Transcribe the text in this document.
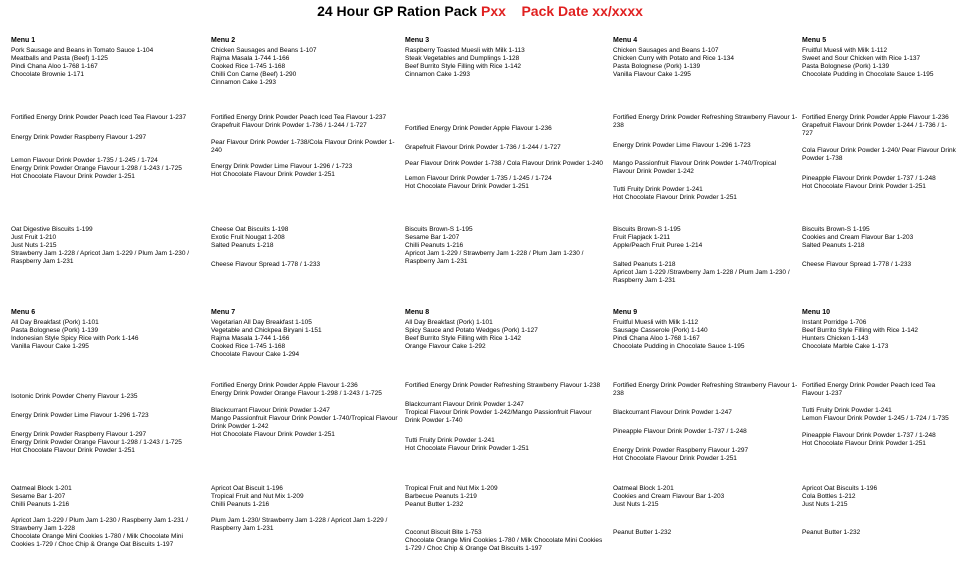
24 Hour GP Ration Pack Pxx Pack Date xx/xxxx
Menu 1
Pork Sausage and Beans in Tomato Sauce 1-104
Meatballs and Pasta (Beef) 1-125
Pindi Chana Aloo 1-768 1-167
Chocolate Brownie 1-171
Fortified Energy Drink Powder Peach Iced Tea Flavour 1-237
Energy Drink Powder Raspberry Flavour 1-297
Lemon Flavour Drink Powder 1-735 / 1-245 / 1-724
Energy Drink Powder Orange Flavour 1-298 / 1-243 / 1-725
Hot Chocolate Flavour Drink Powder 1-251
Oat Digestive Biscuits 1-199
Just Fruit 1-210
Just Nuts 1-215
Strawberry Jam 1-228 / Apricot Jam 1-229 / Plum Jam 1-230 / Raspberry Jam 1-231
Menu 2
Chicken Sausages and Beans 1-107
Rajma Masala 1-744 1-166
Cooked Rice 1-745 1-168
Chilli Con Carne (Beef) 1-290
Cinnamon Cake 1-293
Fortified Energy Drink Powder Peach Iced Tea Flavour 1-237
Grapefruit Flavour Drink Powder 1-736 / 1-244 / 1-727
Pear Flavour Drink Powder 1-738/Cola Flavour Drink Powder 1-240
Energy Drink Powder Lime Flavour 1-296 / 1-723
Hot Chocolate Flavour Drink Powder 1-251
Cheese Oat Biscuits 1-198
Exotic Fruit Nougat 1-208
Salted Peanuts 1-218
Cheese Flavour Spread 1-778 / 1-233
Menu 3
Raspberry Toasted Muesli with Milk 1-113
Steak Vegetables and Dumplings 1-128
Beef Burrito Style Filling with Rice 1-142
Cinnamon Cake 1-293
Fortified Energy Drink Powder Apple Flavour 1-236
Grapefruit Flavour Drink Powder 1-736 / 1-244 / 1-727
Pear Flavour Drink Powder 1-738 / Cola Flavour Drink Powder 1-240
Lemon Flavour Drink Powder 1-735 / 1-245 / 1-724
Hot Chocolate Flavour Drink Powder 1-251
Biscuits Brown-S 1-195
Sesame Bar 1-207
Chilli Peanuts 1-216
Apricot Jam 1-229 / Strawberry Jam 1-228 / Plum Jam 1-230 / Raspberry Jam 1-231
Menu 4
Chicken Sausages and Beans 1-107
Chicken Curry with Potato and Rice 1-134
Pasta Bolognese (Pork) 1-139
Vanilla Flavour Cake 1-295
Fortified Energy Drink Powder Refreshing Strawberry Flavour 1-238
Energy Drink Powder Lime Flavour 1-296 1-723
Mango Passionfruit Flavour Drink Powder 1-740/Tropical Flavour Drink Powder 1-242
Tutti Fruity Drink Powder 1-241
Hot Chocolate Flavour Drink Powder 1-251
Biscuits Brown-S 1-195
Fruit Flapjack 1-211
Apple/Peach Fruit Puree 1-214
Salted Peanuts 1-218
Apricot Jam 1-229 /Strawberry Jam 1-228 / Plum Jam 1-230 / Raspberry Jam 1-231
Menu 5
Fruitful Muesli with Milk 1-112
Sweet and Sour Chicken with Rice 1-137
Pasta Bolognese (Pork) 1-139
Chocolate Pudding in Chocolate Sauce 1-195
Fortified Energy Drink Powder Apple Flavour 1-236
Grapefruit Flavour Drink Powder 1-244 / 1-736 / 1-727
Cola Flavour Drink Powder 1-240/ Pear Flavour Drink Powder 1-738
Pineapple Flavour Drink Powder 1-737 / 1-248
Hot Chocolate Flavour Drink Powder 1-251
Biscuits Brown-S 1-195
Cookies and Cream Flavour Bar 1-203
Salted Peanuts 1-218
Cheese Flavour Spread 1-778 / 1-233
Menu 6
All Day Breakfast (Pork) 1-101
Pasta Bolognese (Pork) 1-139
Indonesian Style Spicy Rice with Pork 1-146
Vanilla Flavour Cake 1-295
Isotonic Drink Powder Cherry Flavour 1-235
Energy Drink Powder Lime Flavour 1-296 1-723
Energy Drink Powder Raspberry Flavour 1-297
Energy Drink Powder Orange Flavour 1-298 / 1-243 / 1-725
Hot Chocolate Flavour Drink Powder 1-251
Oatmeal Block 1-201
Sesame Bar 1-207
Chilli Peanuts 1-216
Apricot Jam 1-229 / Plum Jam 1-230 / Raspberry Jam 1-231 / Strawberry Jam 1-228
Chocolate Orange Mini Cookies 1-780 / Milk Chocolate Mini Cookies 1-729 / Choc Chip & Orange Oat Biscuits 1-197
Menu 7
Vegetarian All Day Breakfast 1-105
Vegetable and Chickpea Biryani 1-151
Rajma Masala 1-744 1-166
Cooked Rice 1-745 1-168
Chocolate Flavour Cake 1-294
Fortified Energy Drink Powder Apple Flavour 1-236
Energy Drink Powder Orange Flavour 1-298 / 1-243 / 1-725
Blackcurrant Flavour Drink Powder 1-247
Mango Passionfruit Flavour Drink Powder 1-740/Tropical Flavour Drink Powder 1-242
Hot Chocolate Flavour Drink Powder 1-251
Apricot Oat Biscuit 1-196
Tropical Fruit and Nut Mix 1-209
Chilli Peanuts 1-216
Plum Jam 1-230/ Strawberry Jam 1-228 / Apricot Jam 1-229 / Raspberry Jam 1-231
Menu 8
All Day Breakfast (Pork) 1-101
Spicy Sauce and Potato Wedges (Pork) 1-127
Beef Burrito Style Filling with Rice 1-142
Orange Flavour Cake 1-292
Fortified Energy Drink Powder Refreshing Strawberry Flavour 1-238
Blackcurrant Flavour Drink Powder 1-247
Tropical Flavour Drink Powder 1-242/Mango Passionfruit Flavour Drink Powder 1-740
Tutti Fruity Drink Powder 1-241
Hot Chocolate Flavour Drink Powder 1-251
Tropical Fruit and Nut Mix 1-209
Barbecue Peanuts 1-219
Peanut Butter 1-232
Coconut Biscuit Bite 1-753
Chocolate Orange Mini Cookies 1-780 / Milk Chocolate Mini Cookies 1-729 / Choc Chip & Orange Oat Biscuits 1-197
Menu 9
Fruitful Muesli with Milk 1-112
Sausage Casserole (Pork) 1-140
Pindi Chana Aloo 1-768 1-167
Chocolate Pudding in Chocolate Sauce 1-195
Fortified Energy Drink Powder Refreshing Strawberry Flavour 1-238
Blackcurrant Flavour Drink Powder 1-247
Pineapple Flavour Drink Powder 1-737 / 1-248
Energy Drink Powder Raspberry Flavour 1-297
Hot Chocolate Flavour Drink Powder 1-251
Oatmeal Block 1-201
Cookies and Cream Flavour Bar 1-203
Just Nuts 1-215
Peanut Butter 1-232
Menu 10
Instant Porridge 1-706
Beef Burrito Style Filling with Rice 1-142
Hunters Chicken 1-143
Chocolate Marble Cake 1-173
Fortified Energy Drink Powder Peach Iced Tea Flavour 1-237
Tutti Fruity Drink Powder 1-241
Lemon Flavour Drink Powder 1-245 / 1-724 / 1-735
Pineapple Flavour Drink Powder 1-737 / 1-248
Hot Chocolate Flavour Drink Powder 1-251
Apricot Oat Biscuits 1-196
Cola Bottles 1-212
Just Nuts 1-215
Peanut Butter 1-232
